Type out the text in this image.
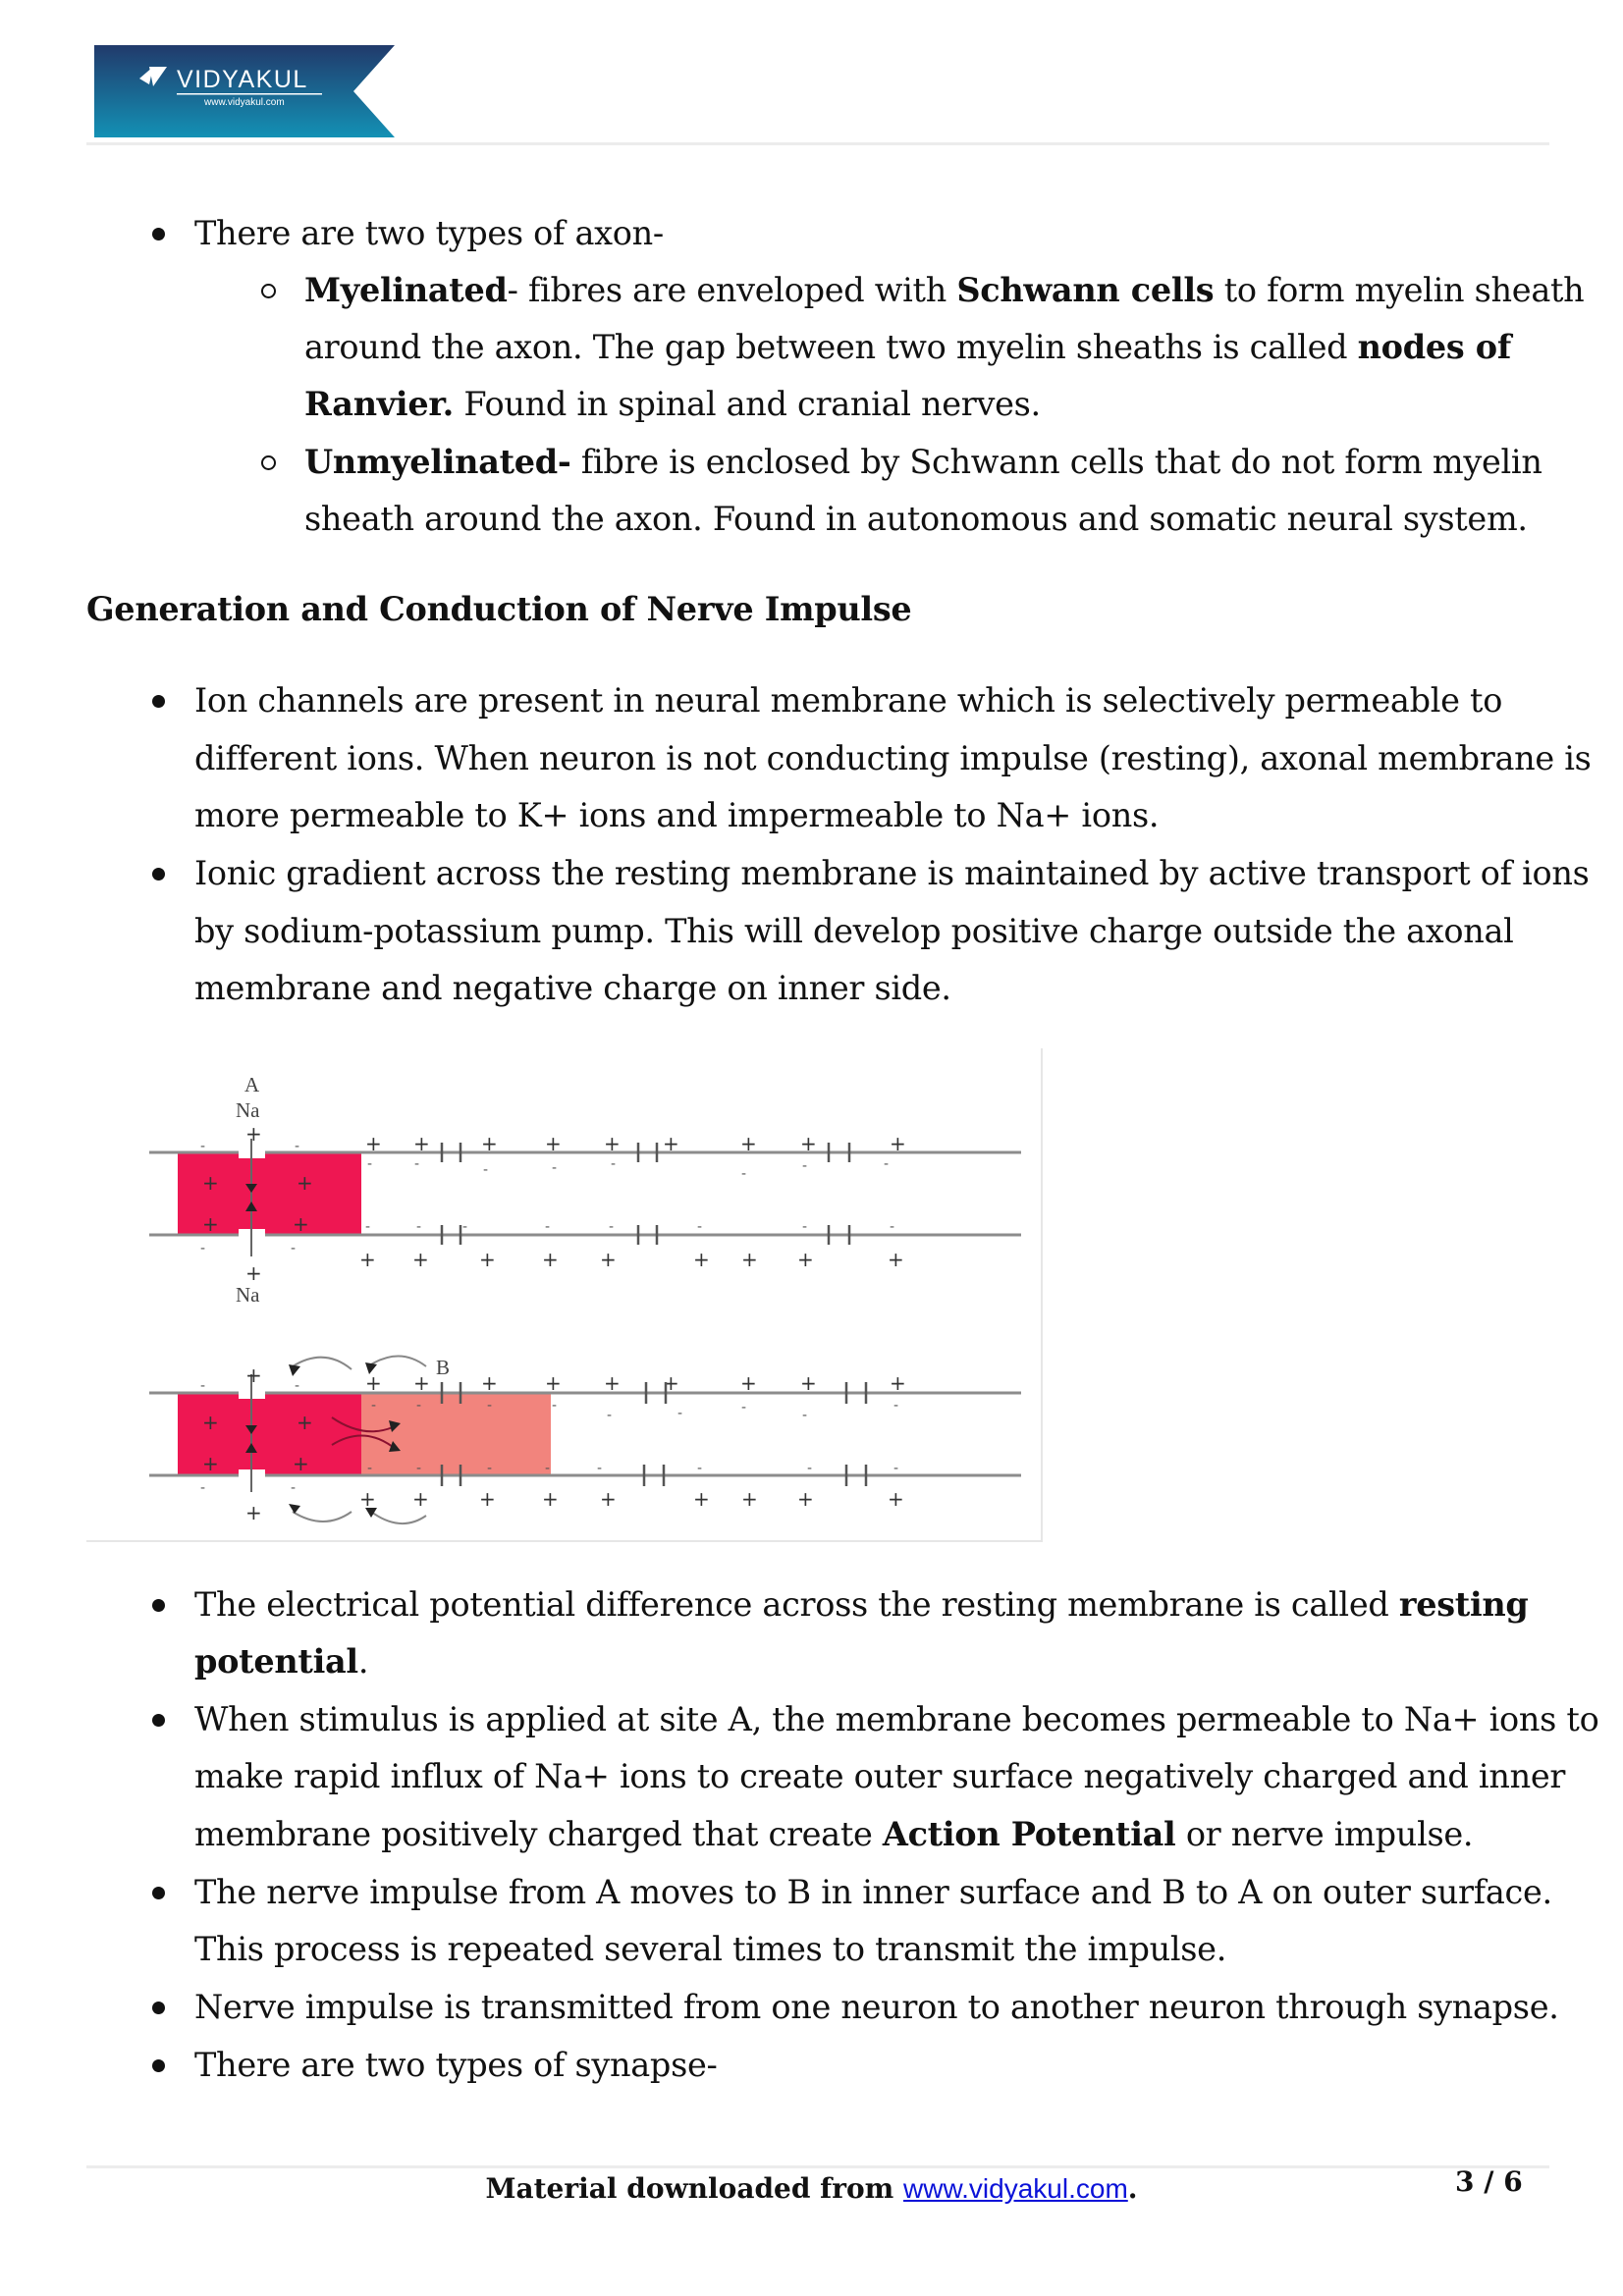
VIDYAKUL
www.vidyakul.com
There are two types of axon-
Myelinated- fibres are enveloped with Schwann cells to form myelin sheath
around the axon. The gap between two myelin sheaths is called nodes of
Ranvier. Found in spinal and cranial nerves.
Unmyelinated- fibre is enclosed by Schwann cells that do not form myelin
sheath around the axon. Found in autonomous and somatic neural system.
Generation and Conduction of Nerve Impulse
Ion channels are present in neural membrane which is selectively permeable to
different ions. When neuron is not conducting impulse (resting), axonal membrane is
more permeable to K+ ions and impermeable to Na+ ions.
Ionic gradient across the resting membrane is maintained by active transport of ions
by sodium-potassium pump. This will develop positive charge outside the axonal
membrane and negative charge on inner side.
A
Na
Na
+
+
+	+
+	+
+ +	+ + + +	+ +	+
+ +	+ + +	+ + +	+
-	-
-	-
-	-	-	-	-
-	-	-
-	-	-	-	-	-	-	-
B
+
+
+	+
+	+
+ +	+ + + +	+ +	+
+ +	+ + +	+ + +	+
-	-
-	-
-	-	-	-
-	-	-	-
-
-	-	-	-	-	-	-	-
The electrical potential difference across the resting membrane is called resting
potential.
When stimulus is applied at site A, the membrane becomes permeable to Na+ ions to
make rapid influx of Na+ ions to create outer surface negatively charged and inner
membrane positively charged that create Action Potential or nerve impulse.
The nerve impulse from A moves to B in inner surface and B to A on outer surface.
This process is repeated several times to transmit the impulse.
Nerve impulse is transmitted from one neuron to another neuron through synapse.
There are two types of synapse-
Material downloaded from www.vidyakul.com.	3 / 6
